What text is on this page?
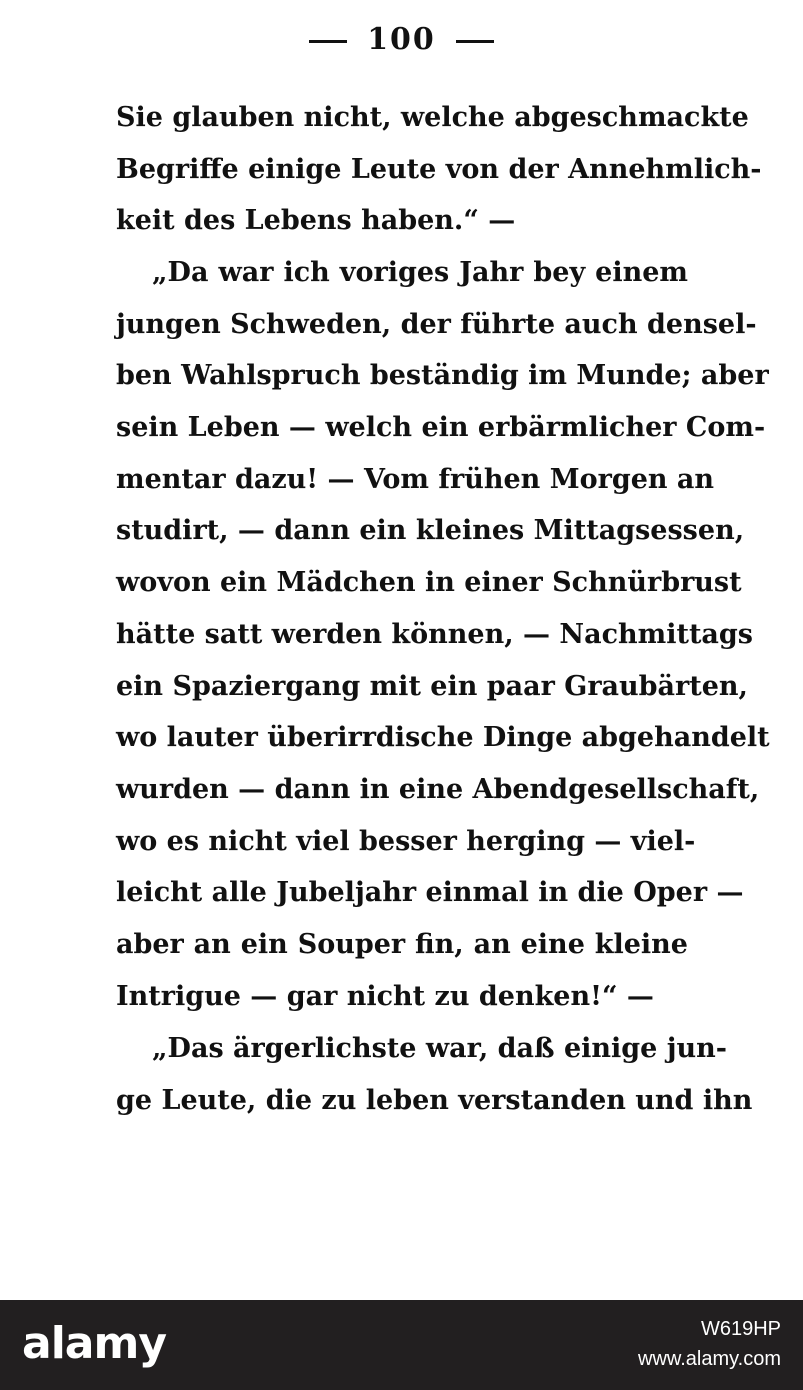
100
Sie glauben nicht, welche abgeschmackte
Begriffe einige Leute von der Annehmlich-
keit des Lebens haben.“ —
„Da war ich voriges Jahr bey einem
jungen Schweden, der führte auch densel-
ben Wahlspruch beständig im Munde; aber
sein Leben — welch ein erbärmlicher Com-
mentar dazu! — Vom frühen Morgen an
studirt, — dann ein kleines Mittagsessen,
wovon ein Mädchen in einer Schnürbrust
hätte satt werden können, — Nachmittags
ein Spaziergang mit ein paar Graubärten,
wo lauter überirrdische Dinge abgehandelt
wurden — dann in eine Abendgesellschaft,
wo es nicht viel besser herging — viel-
leicht alle Jubeljahr einmal in die Oper —
aber an ein Souper fin, an eine kleine
Intrigue — gar nicht zu denken!“ —
„Das ärgerlichste war, daß einige jun-
ge Leute, die zu leben verstanden und ihn
alamy	W619HP
www.alamy.com
